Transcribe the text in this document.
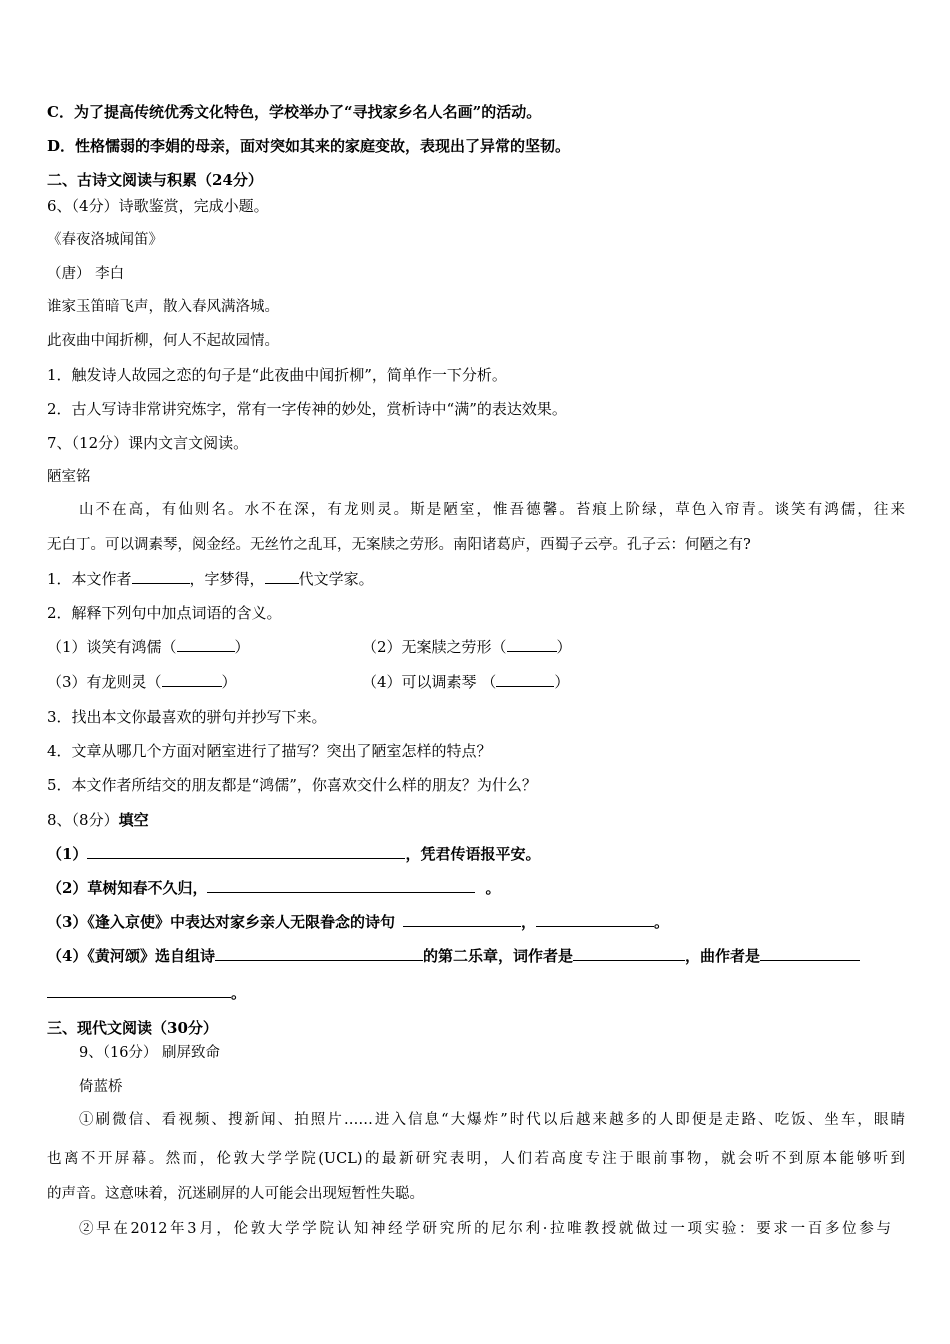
C．为了提高传统优秀文化特色，学校举办了“寻找家乡名人名画”的活动。
D．性格懦弱的李娟的母亲，面对突如其来的家庭变故，表现出了异常的坚韧。
二、古诗文阅读与积累（24分）
6、（4分）诗歌鉴赏，完成小题。
《春夜洛城闻笛》
（唐） 李白
谁家玉笛暗飞声，散入春风满洛城。
此夜曲中闻折柳，何人不起故园情。
1．触发诗人故园之恋的句子是“此夜曲中闻折柳”，简单作一下分析。
2．古人写诗非常讲究炼字，常有一字传神的妙处，赏析诗中“满”的表达效果。
7、（12分）课内文言文阅读。
陋室铭
山不在高，有仙则名。水不在深，有龙则灵。斯是陋室，惟吾德馨。苔痕上阶绿，草色入帘青。谈笑有鸿儒，往来
无白丁。可以调素琴，阅金经。无丝竹之乱耳，无案牍之劳形。南阳诸葛庐，西蜀子云亭。孔子云：何陋之有?
1．本文作者	，字梦得， 代文学家。
2．解释下列句中加点词语的含义。
（1）谈笑有鸿儒（	）	（2）无案牍之劳形（	）
（3）有龙则灵（	）	（4）可以调素琴 （	）
3．找出本文你最喜欢的骈句并抄写下来。
4．文章从哪几个方面对陋室进行了描写？突出了陋室怎样的特点？
5．本文作者所结交的朋友都是“鸿儒”，你喜欢交什么样的朋友？为什么？
8、（8分）填空
（1）	，凭君传语报平安。
（2）草树知春不久归，	。
（3）《逢入京使》中表达对家乡亲人无限眷念的诗句	，	。
（4）《黄河颂》选自组诗	的第二乐章，词作者是	，曲作者是
。
三、现代文阅读（30分）
9、（16分） 刷屏致命
倚蓝桥
①刷微信、看视频、搜新闻、拍照片……进入信息“大爆炸”时代以后越来越多的人即便是走路、吃饭、坐车，眼睛
也离不开屏幕。然而，伦敦大学学院(UCL)的最新研究表明，人们若高度专注于眼前事物，就会听不到原本能够听到
的声音。这意味着，沉迷刷屏的人可能会出现短暂性失聪。
②早在2012年3月，伦敦大学学院认知神经学研究所的尼尔利·拉唯教授就做过一项实验：要求一百多位参与
